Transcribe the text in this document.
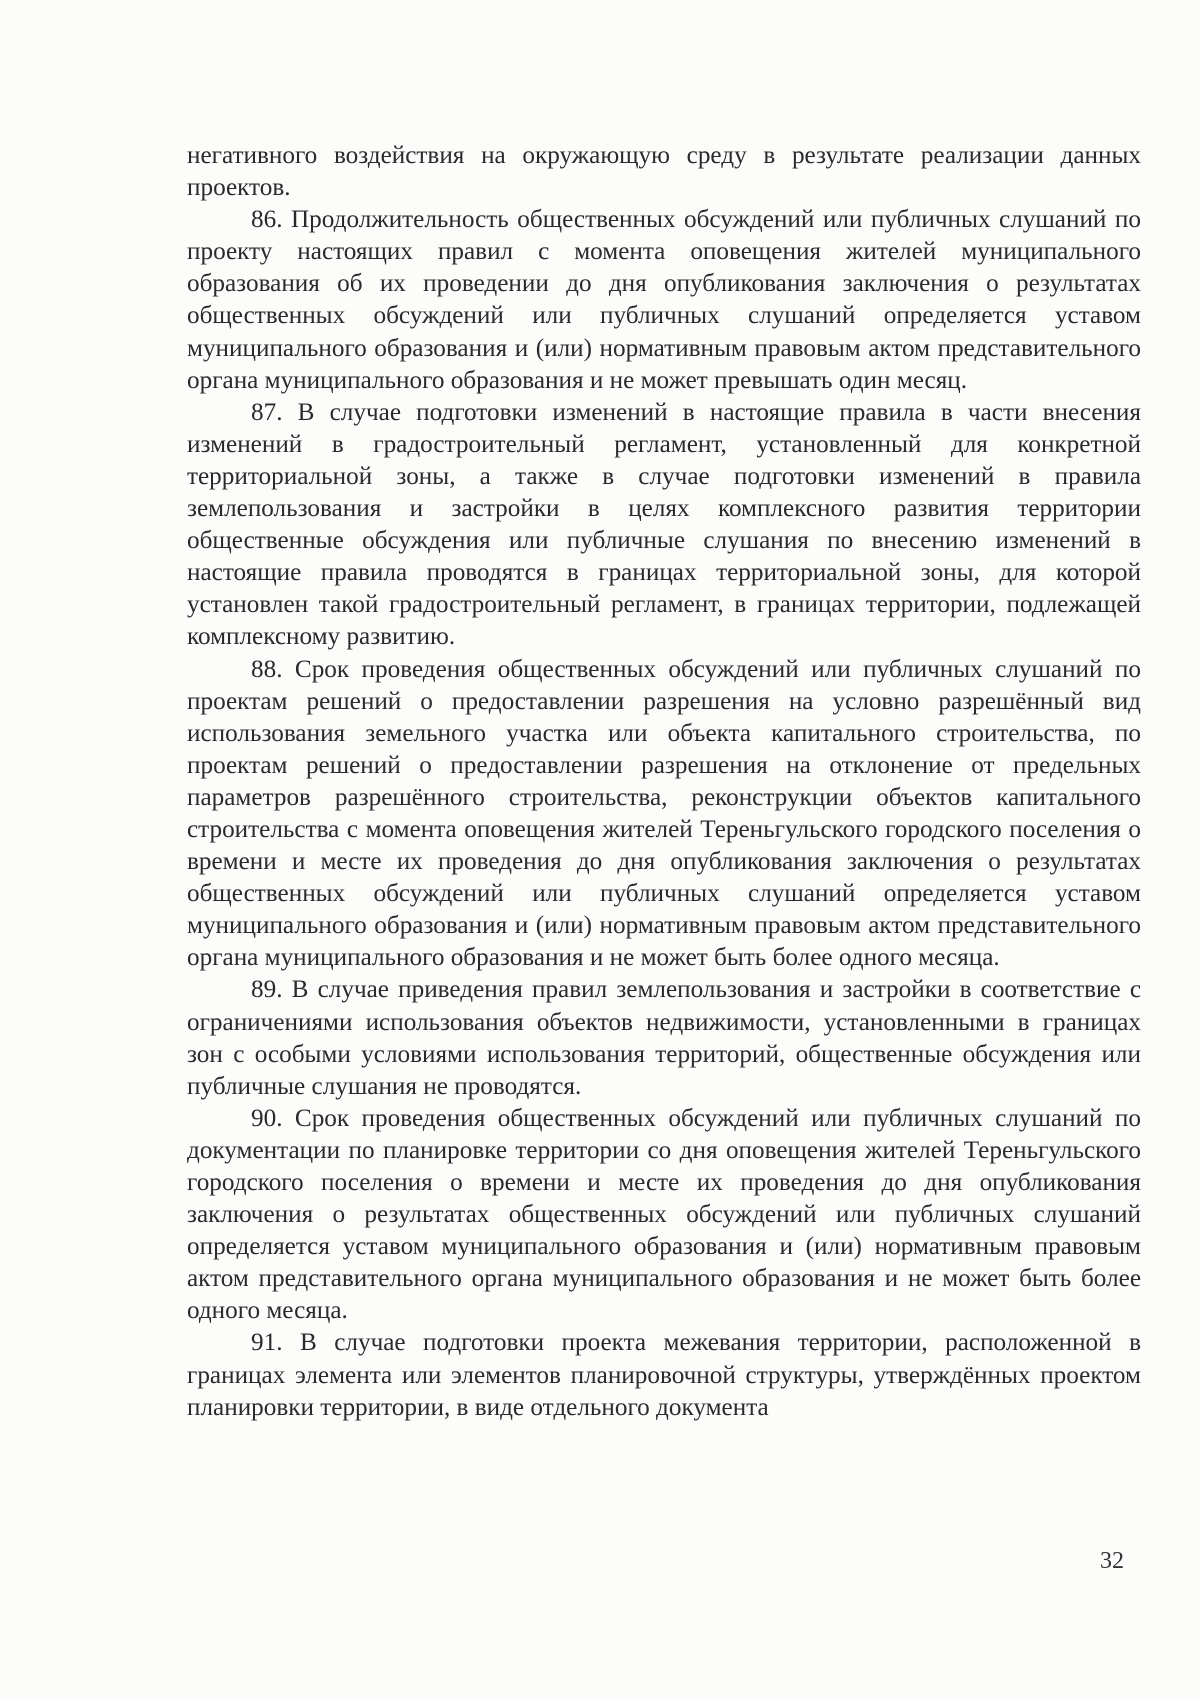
негативного воздействия на окружающую среду в результате реализации данных проектов.

86. Продолжительность общественных обсуждений или публичных слушаний по проекту настоящих правил с момента оповещения жителей муниципального образования об их проведении до дня опубликования заключения о результатах общественных обсуждений или публичных слушаний определяется уставом муниципального образования и (или) нормативным правовым актом представительного органа муниципального образования и не может превышать один месяц.

87. В случае подготовки изменений в настоящие правила в части внесения изменений в градостроительный регламент, установленный для конкретной территориальной зоны, а также в случае подготовки изменений в правила землепользования и застройки в целях комплексного развития территории общественные обсуждения или публичные слушания по внесению изменений в настоящие правила проводятся в границах территориальной зоны, для которой установлен такой градостроительный регламент, в границах территории, подлежащей комплексному развитию.

88. Срок проведения общественных обсуждений или публичных слушаний по проектам решений о предоставлении разрешения на условно разрешённый вид использования земельного участка или объекта капитального строительства, по проектам решений о предоставлении разрешения на отклонение от предельных параметров разрешённого строительства, реконструкции объектов капитального строительства с момента оповещения жителей Тереньгульского городского поселения о времени и месте их проведения до дня опубликования заключения о результатах общественных обсуждений или публичных слушаний определяется уставом муниципального образования и (или) нормативным правовым актом представительного органа муниципального образования и не может быть более одного месяца.

89. В случае приведения правил землепользования и застройки в соответствие с ограничениями использования объектов недвижимости, установленными в границах зон с особыми условиями использования территорий, общественные обсуждения или публичные слушания не проводятся.

90. Срок проведения общественных обсуждений или публичных слушаний по документации по планировке территории со дня оповещения жителей Тереньгульского городского поселения о времени и месте их проведения до дня опубликования заключения о результатах общественных обсуждений или публичных слушаний определяется уставом муниципального образования и (или) нормативным правовым актом представительного органа муниципального образования и не может быть более одного месяца.

91. В случае подготовки проекта межевания территории, расположенной в границах элемента или элементов планировочной структуры, утверждённых проектом планировки территории, в виде отдельного документа

32
